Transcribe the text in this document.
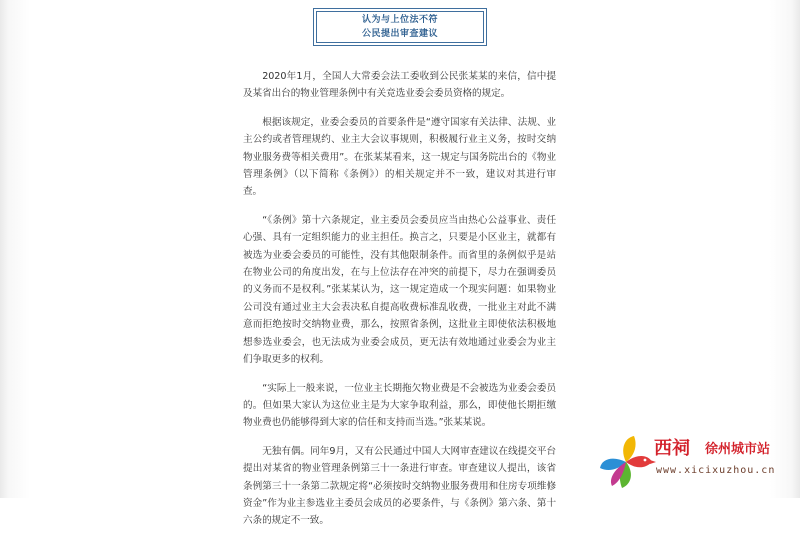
认为与上位法不符
公民提出审查建议

2020年1月，全国人大常委会法工委收到公民张某某的来信，信中提及某省出台的物业管理条例中有关竞选业委会委员资格的规定。

根据该规定，业委会委员的首要条件是“遵守国家有关法律、法规、业主公约或者管理规约、业主大会议事规则，积极履行业主义务，按时交纳物业服务费等相关费用”。在张某某看来，这一规定与国务院出台的《物业管理条例》（以下简称《条例》）的相关规定并不一致，建议对其进行审查。

“《条例》第十六条规定，业主委员会委员应当由热心公益事业、责任心强、具有一定组织能力的业主担任。换言之，只要是小区业主，就都有被选为业委会委员的可能性，没有其他限制条件。而省里的条例似乎是站在物业公司的角度出发，在与上位法存在冲突的前提下，尽力在强调委员的义务而不是权利。”张某某认为，这一规定造成一个现实问题：如果物业公司没有通过业主大会表决私自提高收费标准乱收费，一批业主对此不满意而拒绝按时交纳物业费，那么，按照省条例，这批业主即使依法积极地想参选业委会，也无法成为业委会成员，更无法有效地通过业委会为业主们争取更多的权利。

“实际上一般来说，一位业主长期拖欠物业费是不会被选为业委会委员的。但如果大家认为这位业主是为大家争取利益，那么，即使他长期拒缴物业费也仍能够得到大家的信任和支持而当选。”张某某说。

无独有偶。同年9月，又有公民通过中国人大网审查建议在线提交平台提出对某省的物业管理条例第三十一条进行审查。审查建议人提出，该省条例第三十一条第二款规定将“必须按时交纳物业服务费用和住房专项维修资金”作为业主参选业主委员会成员的必要条件，与《条例》第六条、第十六条的规定不一致。

西祠 徐州城市站
www.xicixuzhou.cn
